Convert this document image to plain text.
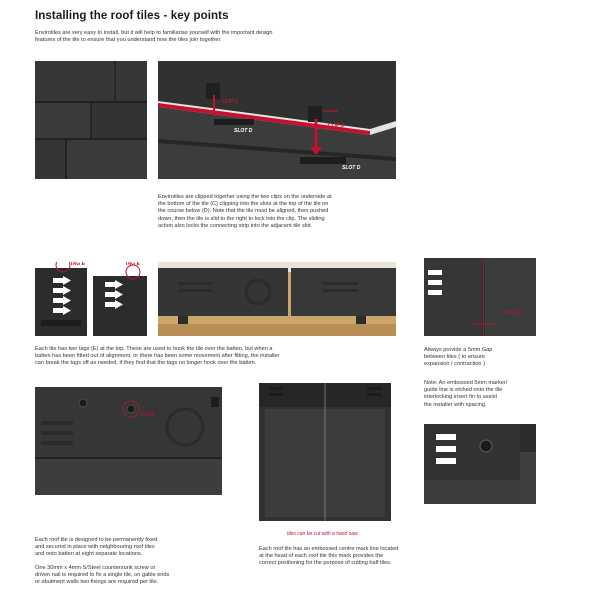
Installing the roof tiles - key points
Envirotiles are very easy to install, but it will help to familiarise yourself with the important design
features of the tile to ensure that you understand how the tiles join together.
CLIP C
SLOT D
CLIP C
SLOT D
Envirotiles are clipped together using the two clips on the underside at
the bottom of the tile (C) clipping into the slots at the top of the tile on
the course below (D). Note that the tile must be aligned, then pushed
down, then the tile is slid to the right to lock into the clip. The sliding
action also locks the connecting strip into the adjacent tile slot.
TAG E	TAG E
5mm gap
Always provide a 5mm Gap
between tiles ( to ensure
expansion / contraction )
Each tile has two tags (E) at the top. These are used to hook the tile over the batten, but when a
batten has been fitted out of alignment, or there has been some movement after fitting, the installer
can break the tags off as needed, if they find that the tags no longer hook over the batten.
Note: An embossed 5mm marker/
guide line is etched onto the tile
interlocking insert fin to assist
the installer with spacing.
Fixing
tiles can be cut with a hand saw
Each roof tile is designed to be permanently fixed
and secured in place with neighbouring roof tiles
and onto batten at eight separate locations.
One 30mm x 4mm S/Steel countersunk screw or
driven nail is required to fix a single tile, on gable ends
or abutment walls two fixings are required per tile.
Each roof tile has an embossed centre mark line located
at the head of each roof tile this mark provides the
correct positioning for the purpose of cutting half tiles.
